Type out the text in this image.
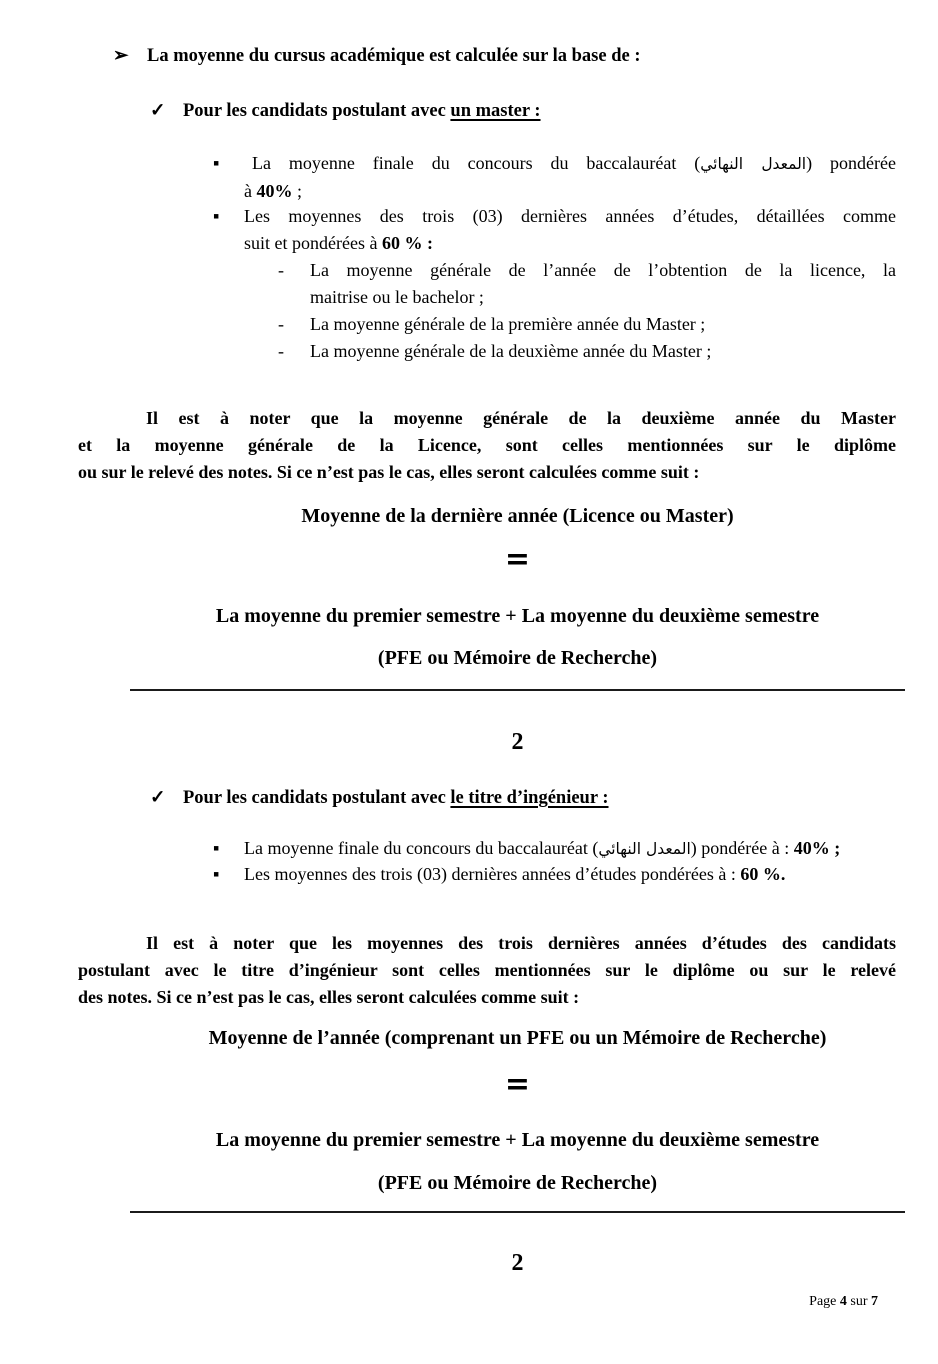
➢ La moyenne du cursus académique est calculée sur la base de :
✓ Pour les candidats postulant avec un master :
▪	La moyenne finale du concours du baccalauréat (المعدل النهائي) pondérée
à 40% ;
▪ Les moyennes des trois (03) dernières années d’études, détaillées comme
suit et pondérées à 60 % :
- La moyenne générale de l’année de l’obtention de la licence, la
maitrise ou le bachelor ;
- La moyenne générale de la première année du Master ;
- La moyenne générale de la deuxième année du Master ;
Il est à noter que la moyenne générale de la deuxième année du Master
et la moyenne générale de la Licence, sont celles mentionnées sur le diplôme
ou sur le relevé des notes. Si ce n’est pas le cas, elles seront calculées comme suit :
Moyenne de la dernière année (Licence ou Master)
=
La moyenne du premier semestre + La moyenne du deuxième semestre
(PFE ou Mémoire de Recherche)
2
✓ Pour les candidats postulant avec le titre d’ingénieur :
▪ La moyenne finale du concours du baccalauréat (المعدل النهائي) pondérée à : 40% ;
▪ Les moyennes des trois (03) dernières années d’études pondérées à : 60 %.
Il est à noter que les moyennes des trois dernières années d’études des candidats
postulant avec le titre d’ingénieur sont celles mentionnées sur le diplôme ou sur le relevé
des notes. Si ce n’est pas le cas, elles seront calculées comme suit :
Moyenne de l’année (comprenant un PFE ou un Mémoire de Recherche)
=
La moyenne du premier semestre + La moyenne du deuxième semestre
(PFE ou Mémoire de Recherche)
2
Page 4 sur 7
